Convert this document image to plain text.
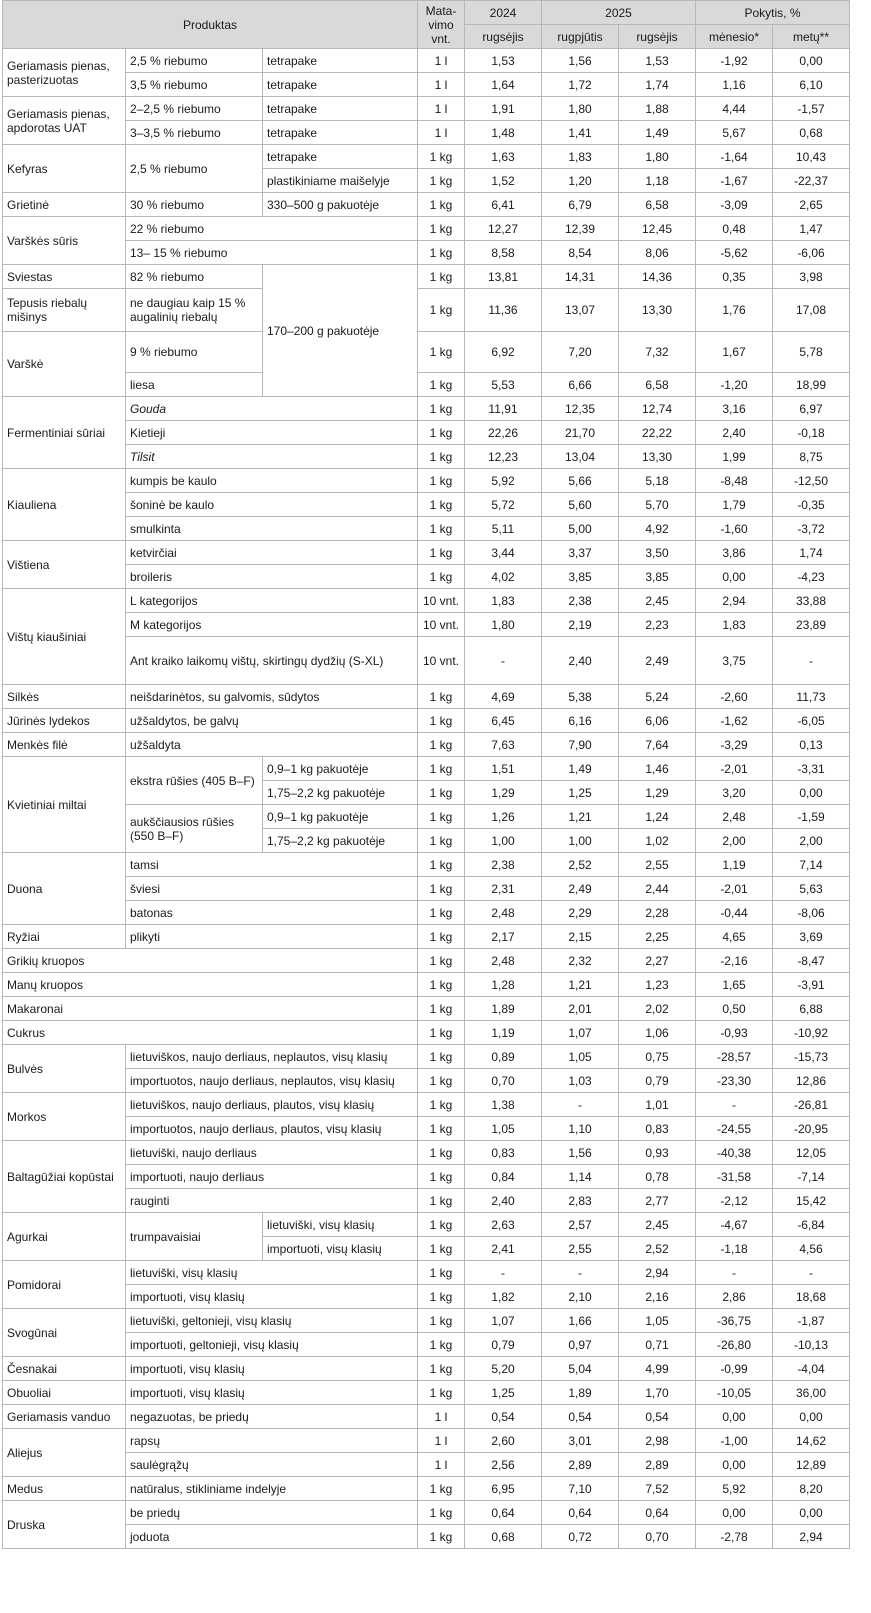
Produktas			Mata-vimo vnt.	2024	2025		Pokytis, %	
				rugsėjis	rugpjūtis	rugsėjis	mėnesio*	metų**
Geriamasis pienas, pasterizuotas	2,5 % riebumo	tetrapake	1 l	1,53	1,56	1,53	-1,92	0,00
	3,5 % riebumo	tetrapake	1 l	1,64	1,72	1,74	1,16	6,10
Geriamasis pienas, apdorotas UAT	2–2,5 % riebumo	tetrapake	1 l	1,91	1,80	1,88	4,44	-1,57
	3–3,5 % riebumo	tetrapake	1 l	1,48	1,41	1,49	5,67	0,68
Kefyras	2,5 % riebumo	tetrapake	1 kg	1,63	1,83	1,80	-1,64	10,43
		plastikiniame maišelyje	1 kg	1,52	1,20	1,18	-1,67	-22,37
Grietinė	30 % riebumo	330–500 g pakuotėje	1 kg	6,41	6,79	6,58	-3,09	2,65
Varškės sūris	22 % riebumo		1 kg	12,27	12,39	12,45	0,48	1,47
	13– 15 % riebumo		1 kg	8,58	8,54	8,06	-5,62	-6,06
Sviestas	82 % riebumo	170–200 g pakuotėje	1 kg	13,81	14,31	14,36	0,35	3,98
Tepusis riebalų mišinys	ne daugiau kaip 15 % augalinių riebalų		1 kg	11,36	13,07	13,30	1,76	17,08
Varškė	9 % riebumo		1 kg	6,92	7,20	7,32	1,67	5,78
	liesa		1 kg	5,53	6,66	6,58	-1,20	18,99
Fermentiniai sūriai	Gouda		1 kg	11,91	12,35	12,74	3,16	6,97
	Kietieji		1 kg	22,26	21,70	22,22	2,40	-0,18
	Tilsit		1 kg	12,23	13,04	13,30	1,99	8,75
Kiauliena	kumpis be kaulo		1 kg	5,92	5,66	5,18	-8,48	-12,50
	šoninė be kaulo		1 kg	5,72	5,60	5,70	1,79	-0,35
	smulkinta		1 kg	5,11	5,00	4,92	-1,60	-3,72
Vištiena	ketvirčiai		1 kg	3,44	3,37	3,50	3,86	1,74
	broileris		1 kg	4,02	3,85	3,85	0,00	-4,23
Vištų kiaušiniai	L kategorijos		10 vnt.	1,83	2,38	2,45	2,94	33,88
	M kategorijos		10 vnt.	1,80	2,19	2,23	1,83	23,89
	Ant kraiko laikomų vištų, skirtingų dydžių (S-XL)		10 vnt.	-	2,40	2,49	3,75	-
Silkės	neišdarinėtos, su galvomis, sūdytos		1 kg	4,69	5,38	5,24	-2,60	11,73
Jūrinės lydekos	užšaldytos, be galvų		1 kg	6,45	6,16	6,06	-1,62	-6,05
Menkės filė	užšaldyta		1 kg	7,63	7,90	7,64	-3,29	0,13
Kvietiniai miltai	ekstra rūšies (405 B–F)	0,9–1 kg pakuotėje	1 kg	1,51	1,49	1,46	-2,01	-3,31
		1,75–2,2 kg pakuotėje	1 kg	1,29	1,25	1,29	3,20	0,00
	aukščiausios rūšies (550 B–F)	0,9–1 kg pakuotėje	1 kg	1,26	1,21	1,24	2,48	-1,59
		1,75–2,2 kg pakuotėje	1 kg	1,00	1,00	1,02	2,00	2,00
Duona	tamsi		1 kg	2,38	2,52	2,55	1,19	7,14
	šviesi		1 kg	2,31	2,49	2,44	-2,01	5,63
	batonas		1 kg	2,48	2,29	2,28	-0,44	-8,06
Ryžiai	plikyti		1 kg	2,17	2,15	2,25	4,65	3,69
Grikių kruopos			1 kg	2,48	2,32	2,27	-2,16	-8,47
Manų kruopos			1 kg	1,28	1,21	1,23	1,65	-3,91
Makaronai			1 kg	1,89	2,01	2,02	0,50	6,88
Cukrus			1 kg	1,19	1,07	1,06	-0,93	-10,92
Bulvės	lietuviškos, naujo derliaus, neplautos, visų klasių		1 kg	0,89	1,05	0,75	-28,57	-15,73
	importuotos, naujo derliaus, neplautos, visų klasių		1 kg	0,70	1,03	0,79	-23,30	12,86
Morkos	lietuviškos, naujo derliaus, plautos, visų klasių		1 kg	1,38	-	1,01	-	-26,81
	importuotos, naujo derliaus, plautos, visų klasių		1 kg	1,05	1,10	0,83	-24,55	-20,95
Baltagūžiai kopūstai	lietuviški, naujo derliaus		1 kg	0,83	1,56	0,93	-40,38	12,05
	importuoti, naujo derliaus		1 kg	0,84	1,14	0,78	-31,58	-7,14
	rauginti		1 kg	2,40	2,83	2,77	-2,12	15,42
Agurkai	trumpavaisiai	lietuviški, visų klasių	1 kg	2,63	2,57	2,45	-4,67	-6,84
		importuoti, visų klasių	1 kg	2,41	2,55	2,52	-1,18	4,56
Pomidorai	lietuviški, visų klasių		1 kg	-	-	2,94	-	-
	importuoti, visų klasių		1 kg	1,82	2,10	2,16	2,86	18,68
Svogūnai	lietuviški, geltonieji, visų klasių		1 kg	1,07	1,66	1,05	-36,75	-1,87
	importuoti, geltonieji, visų klasių		1 kg	0,79	0,97	0,71	-26,80	-10,13
Česnakai	importuoti, visų klasių		1 kg	5,20	5,04	4,99	-0,99	-4,04
Obuoliai	importuoti, visų klasių		1 kg	1,25	1,89	1,70	-10,05	36,00
Geriamasis vanduo	negazuotas, be priedų		1 l	0,54	0,54	0,54	0,00	0,00
Aliejus	rapsų		1 l	2,60	3,01	2,98	-1,00	14,62
	saulėgrąžų		1 l	2,56	2,89	2,89	0,00	12,89
Medus	natūralus, stikliniame indelyje		1 kg	6,95	7,10	7,52	5,92	8,20
Druska	be priedų		1 kg	0,64	0,64	0,64	0,00	0,00
	joduota		1 kg	0,68	0,72	0,70	-2,78	2,94
